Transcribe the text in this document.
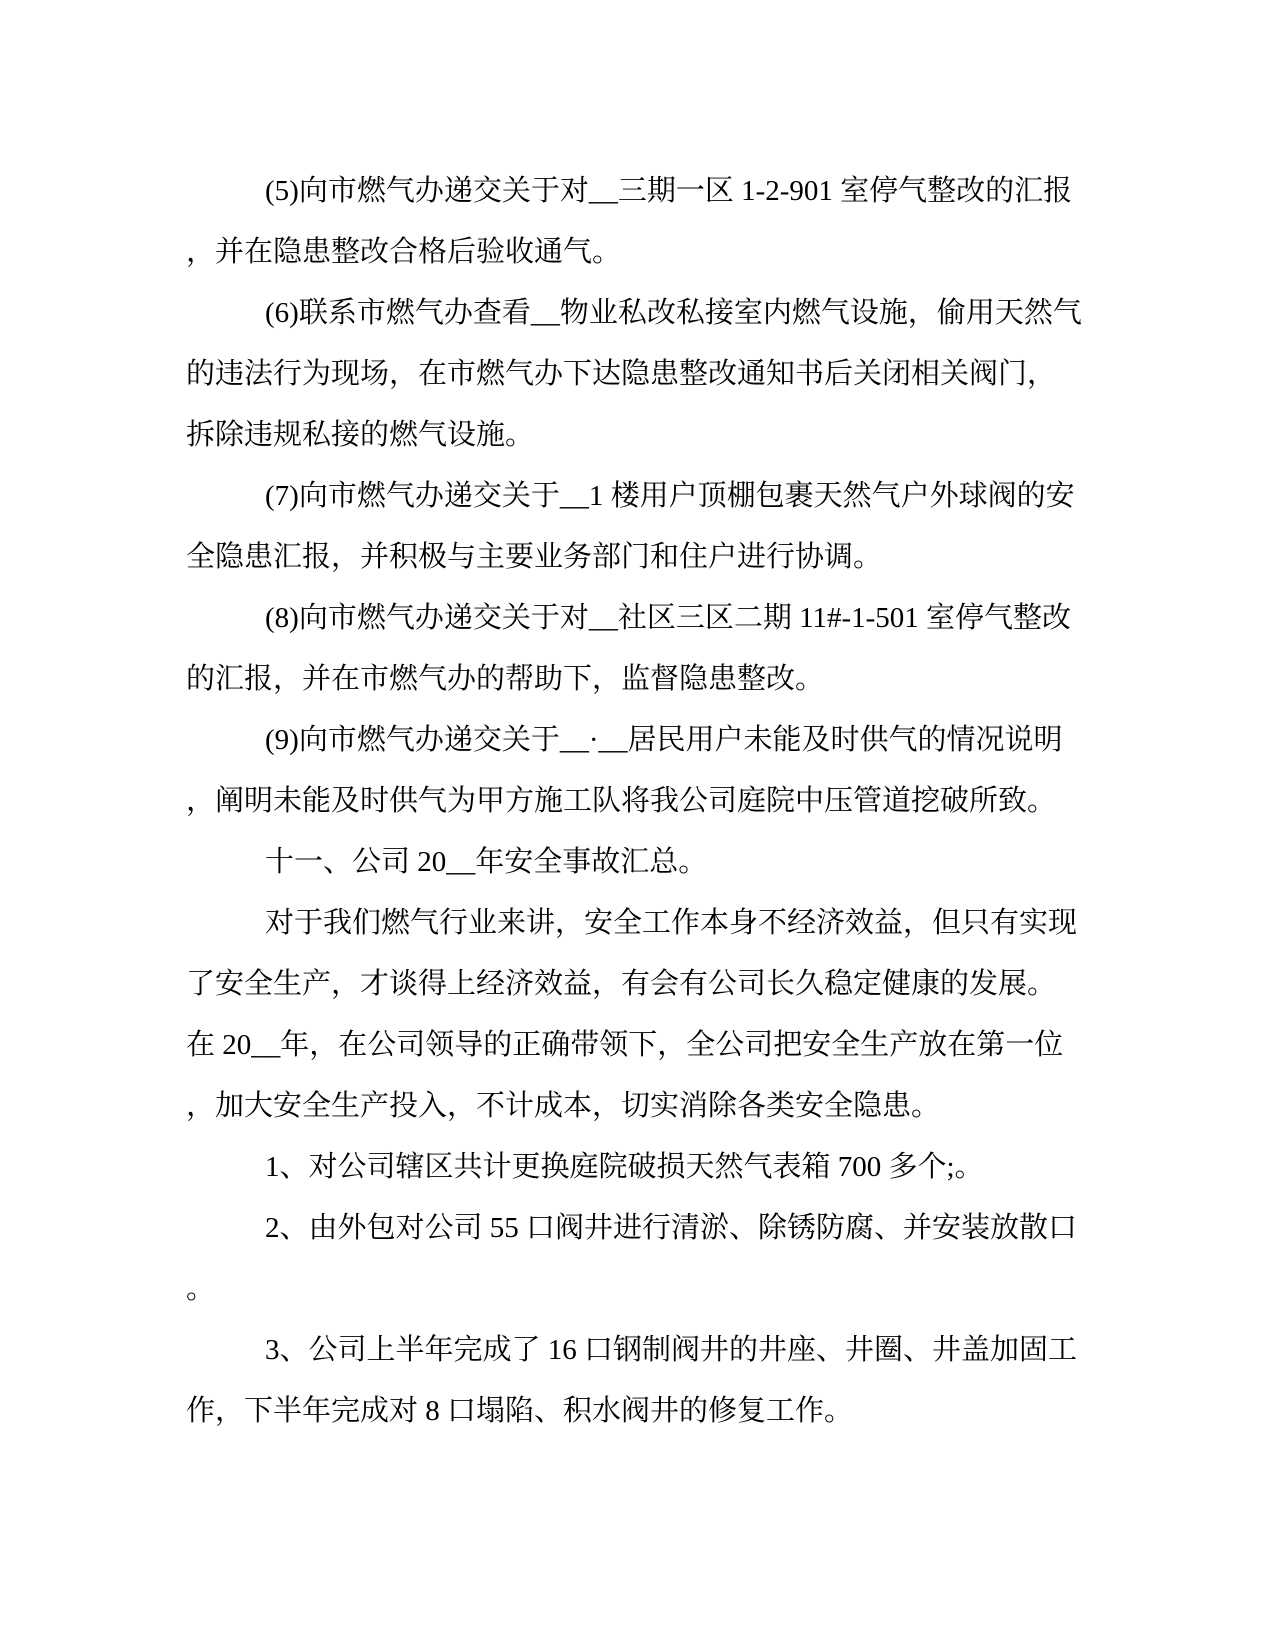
(5)向市燃气办递交关于对__三期一区 1-2-901 室停气整改的汇报
，并在隐患整改合格后验收通气。
(6)联系市燃气办查看__物业私改私接室内燃气设施，偷用天然气
的违法行为现场，在市燃气办下达隐患整改通知书后关闭相关阀门，
拆除违规私接的燃气设施。
(7)向市燃气办递交关于__1 楼用户顶棚包裹天然气户外球阀的安
全隐患汇报，并积极与主要业务部门和住户进行协调。
(8)向市燃气办递交关于对__社区三区二期 11#-1-501 室停气整改
的汇报，并在市燃气办的帮助下，监督隐患整改。
(9)向市燃气办递交关于__·__居民用户未能及时供气的情况说明
，阐明未能及时供气为甲方施工队将我公司庭院中压管道挖破所致。
十一、公司 20__年安全事故汇总。
对于我们燃气行业来讲，安全工作本身不经济效益，但只有实现
了安全生产，才谈得上经济效益，有会有公司长久稳定健康的发展。
在 20__年，在公司领导的正确带领下，全公司把安全生产放在第一位
，加大安全生产投入，不计成本，切实消除各类安全隐患。
1、对公司辖区共计更换庭院破损天然气表箱 700 多个;。
2、由外包对公司 55 口阀井进行清淤、除锈防腐、并安装放散口
。
3、公司上半年完成了 16 口钢制阀井的井座、井圈、井盖加固工
作，下半年完成对 8 口塌陷、积水阀井的修复工作。
